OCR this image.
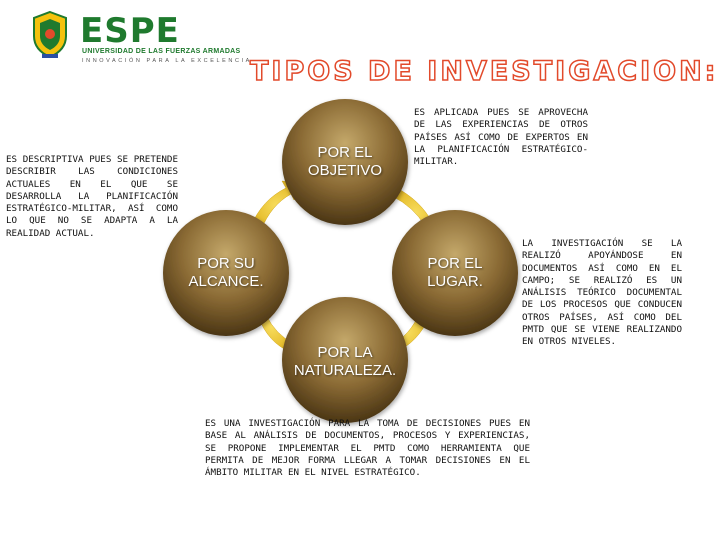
ESPE
UNIVERSIDAD DE LAS FUERZAS ARMADAS
INNOVACIÓN PARA LA EXCELENCIA
TIPOS DE INVESTIGACION:
POR EL OBJETIVO
POR SU ALCANCE.
POR EL LUGAR.
POR LA NATURALEZA.
ES DESCRIPTIVA PUES SE PRETENDE DESCRIBIR LAS CONDICIONES ACTUALES EN EL QUE SE DESARROLLA LA PLANIFICACIÓN ESTRATÉGICO-MILITAR, ASÍ COMO LO QUE NO SE ADAPTA A LA REALIDAD ACTUAL.
ES APLICADA PUES SE APROVECHA DE LAS EXPERIENCIAS DE OTROS PAÍSES ASÍ COMO DE EXPERTOS EN LA PLANIFICACIÓN ESTRATÉGICO-MILITAR.
LA INVESTIGACIÓN SE LA REALIZÓ APOYÁNDOSE EN DOCUMENTOS ASÍ COMO EN EL CAMPO; SE REALIZÓ ES UN ANÁLISIS TEÓRICO DOCUMENTAL DE LOS PROCESOS QUE CONDUCEN OTROS PAÍSES, ASÍ COMO DEL PMTD QUE SE VIENE REALIZANDO EN OTROS NIVELES.
ES UNA INVESTIGACIÓN PARA LA TOMA DE DECISIONES PUES EN BASE AL ANÁLISIS DE DOCUMENTOS, PROCESOS Y EXPERIENCIAS, SE PROPONE IMPLEMENTAR EL PMTD COMO HERRAMIENTA QUE PERMITA DE MEJOR FORMA LLEGAR A TOMAR DECISIONES EN EL ÁMBITO MILITAR EN EL NIVEL ESTRATÉGICO.
